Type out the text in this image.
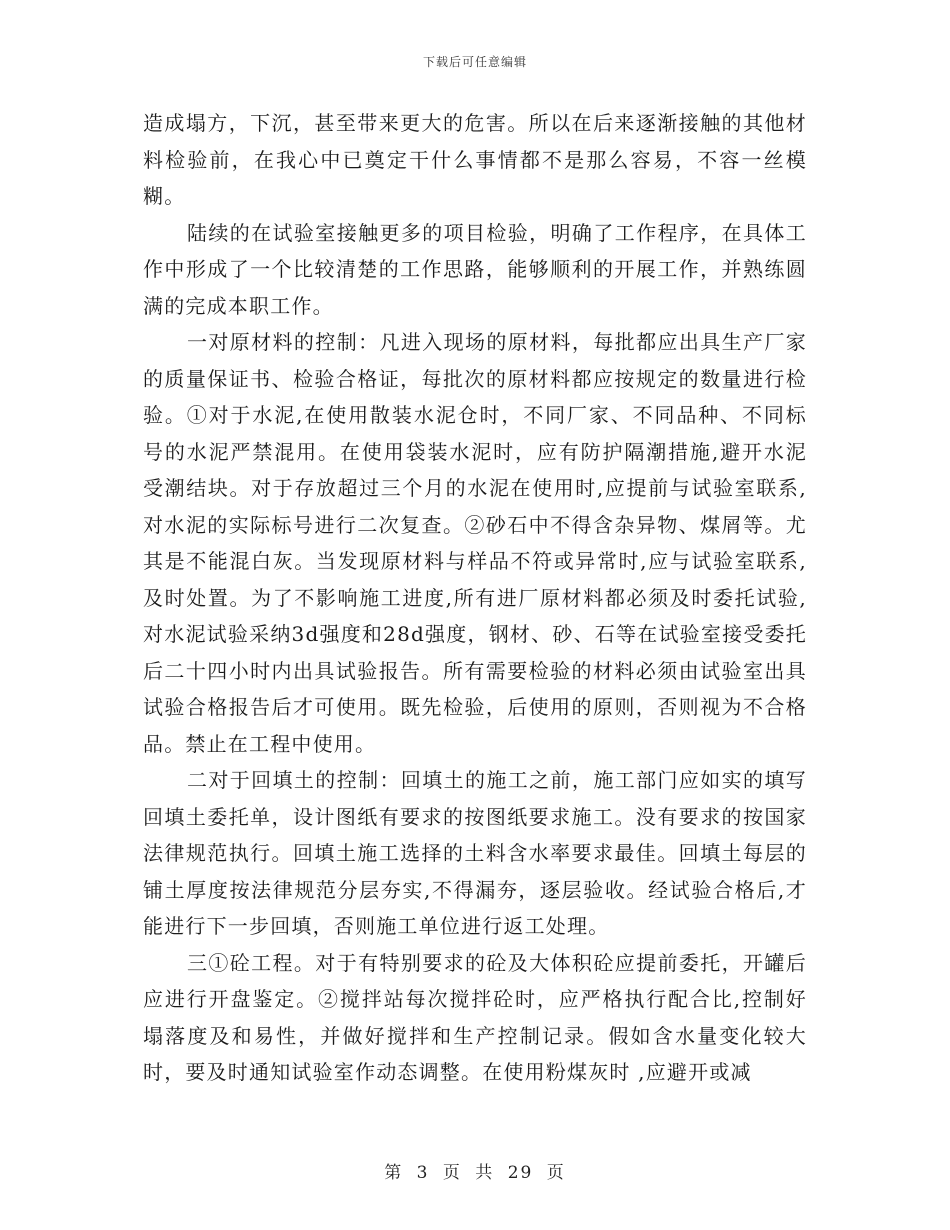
下载后可任意编辑

造成塌方，下沉，甚至带来更大的危害。所以在后来逐渐接触的其他材料检验前，在我心中已奠定干什么事情都不是那么容易，不容一丝模糊。

陆续的在试验室接触更多的项目检验，明确了工作程序，在具体工作中形成了一个比较清楚的工作思路，能够顺利的开展工作，并熟练圆满的完成本职工作。

一对原材料的控制：凡进入现场的原材料，每批都应出具生产厂家的质量保证书、检验合格证，每批次的原材料都应按规定的数量进行检验。①对于水泥,在使用散装水泥仓时，不同厂家、不同品种、不同标号的水泥严禁混用。在使用袋装水泥时，应有防护隔潮措施,避开水泥受潮结块。对于存放超过三个月的水泥在使用时,应提前与试验室联系,对水泥的实际标号进行二次复查。②砂石中不得含杂异物、煤屑等。尤其是不能混白灰。当发现原材料与样品不符或异常时,应与试验室联系,及时处置。为了不影响施工进度,所有进厂原材料都必须及时委托试验,对水泥试验采纳3d强度和28d强度，钢材、砂、石等在试验室接受委托后二十四小时内出具试验报告。所有需要检验的材料必须由试验室出具试验合格报告后才可使用。既先检验，后使用的原则，否则视为不合格品。禁止在工程中使用。

二对于回填土的控制：回填土的施工之前，施工部门应如实的填写回填土委托单，设计图纸有要求的按图纸要求施工。没有要求的按国家法律规范执行。回填土施工选择的土料含水率要求最佳。回填土每层的铺土厚度按法律规范分层夯实,不得漏夯，逐层验收。经试验合格后,才能进行下一步回填，否则施工单位进行返工处理。

三①砼工程。对于有特别要求的砼及大体积砼应提前委托，开罐后应进行开盘鉴定。②搅拌站每次搅拌砼时，应严格执行配合比,控制好塌落度及和易性，并做好搅拌和生产控制记录。假如含水量变化较大时，要及时通知试验室作动态调整。在使用粉煤灰时 ,应避开或减

第 3 页 共 29 页
